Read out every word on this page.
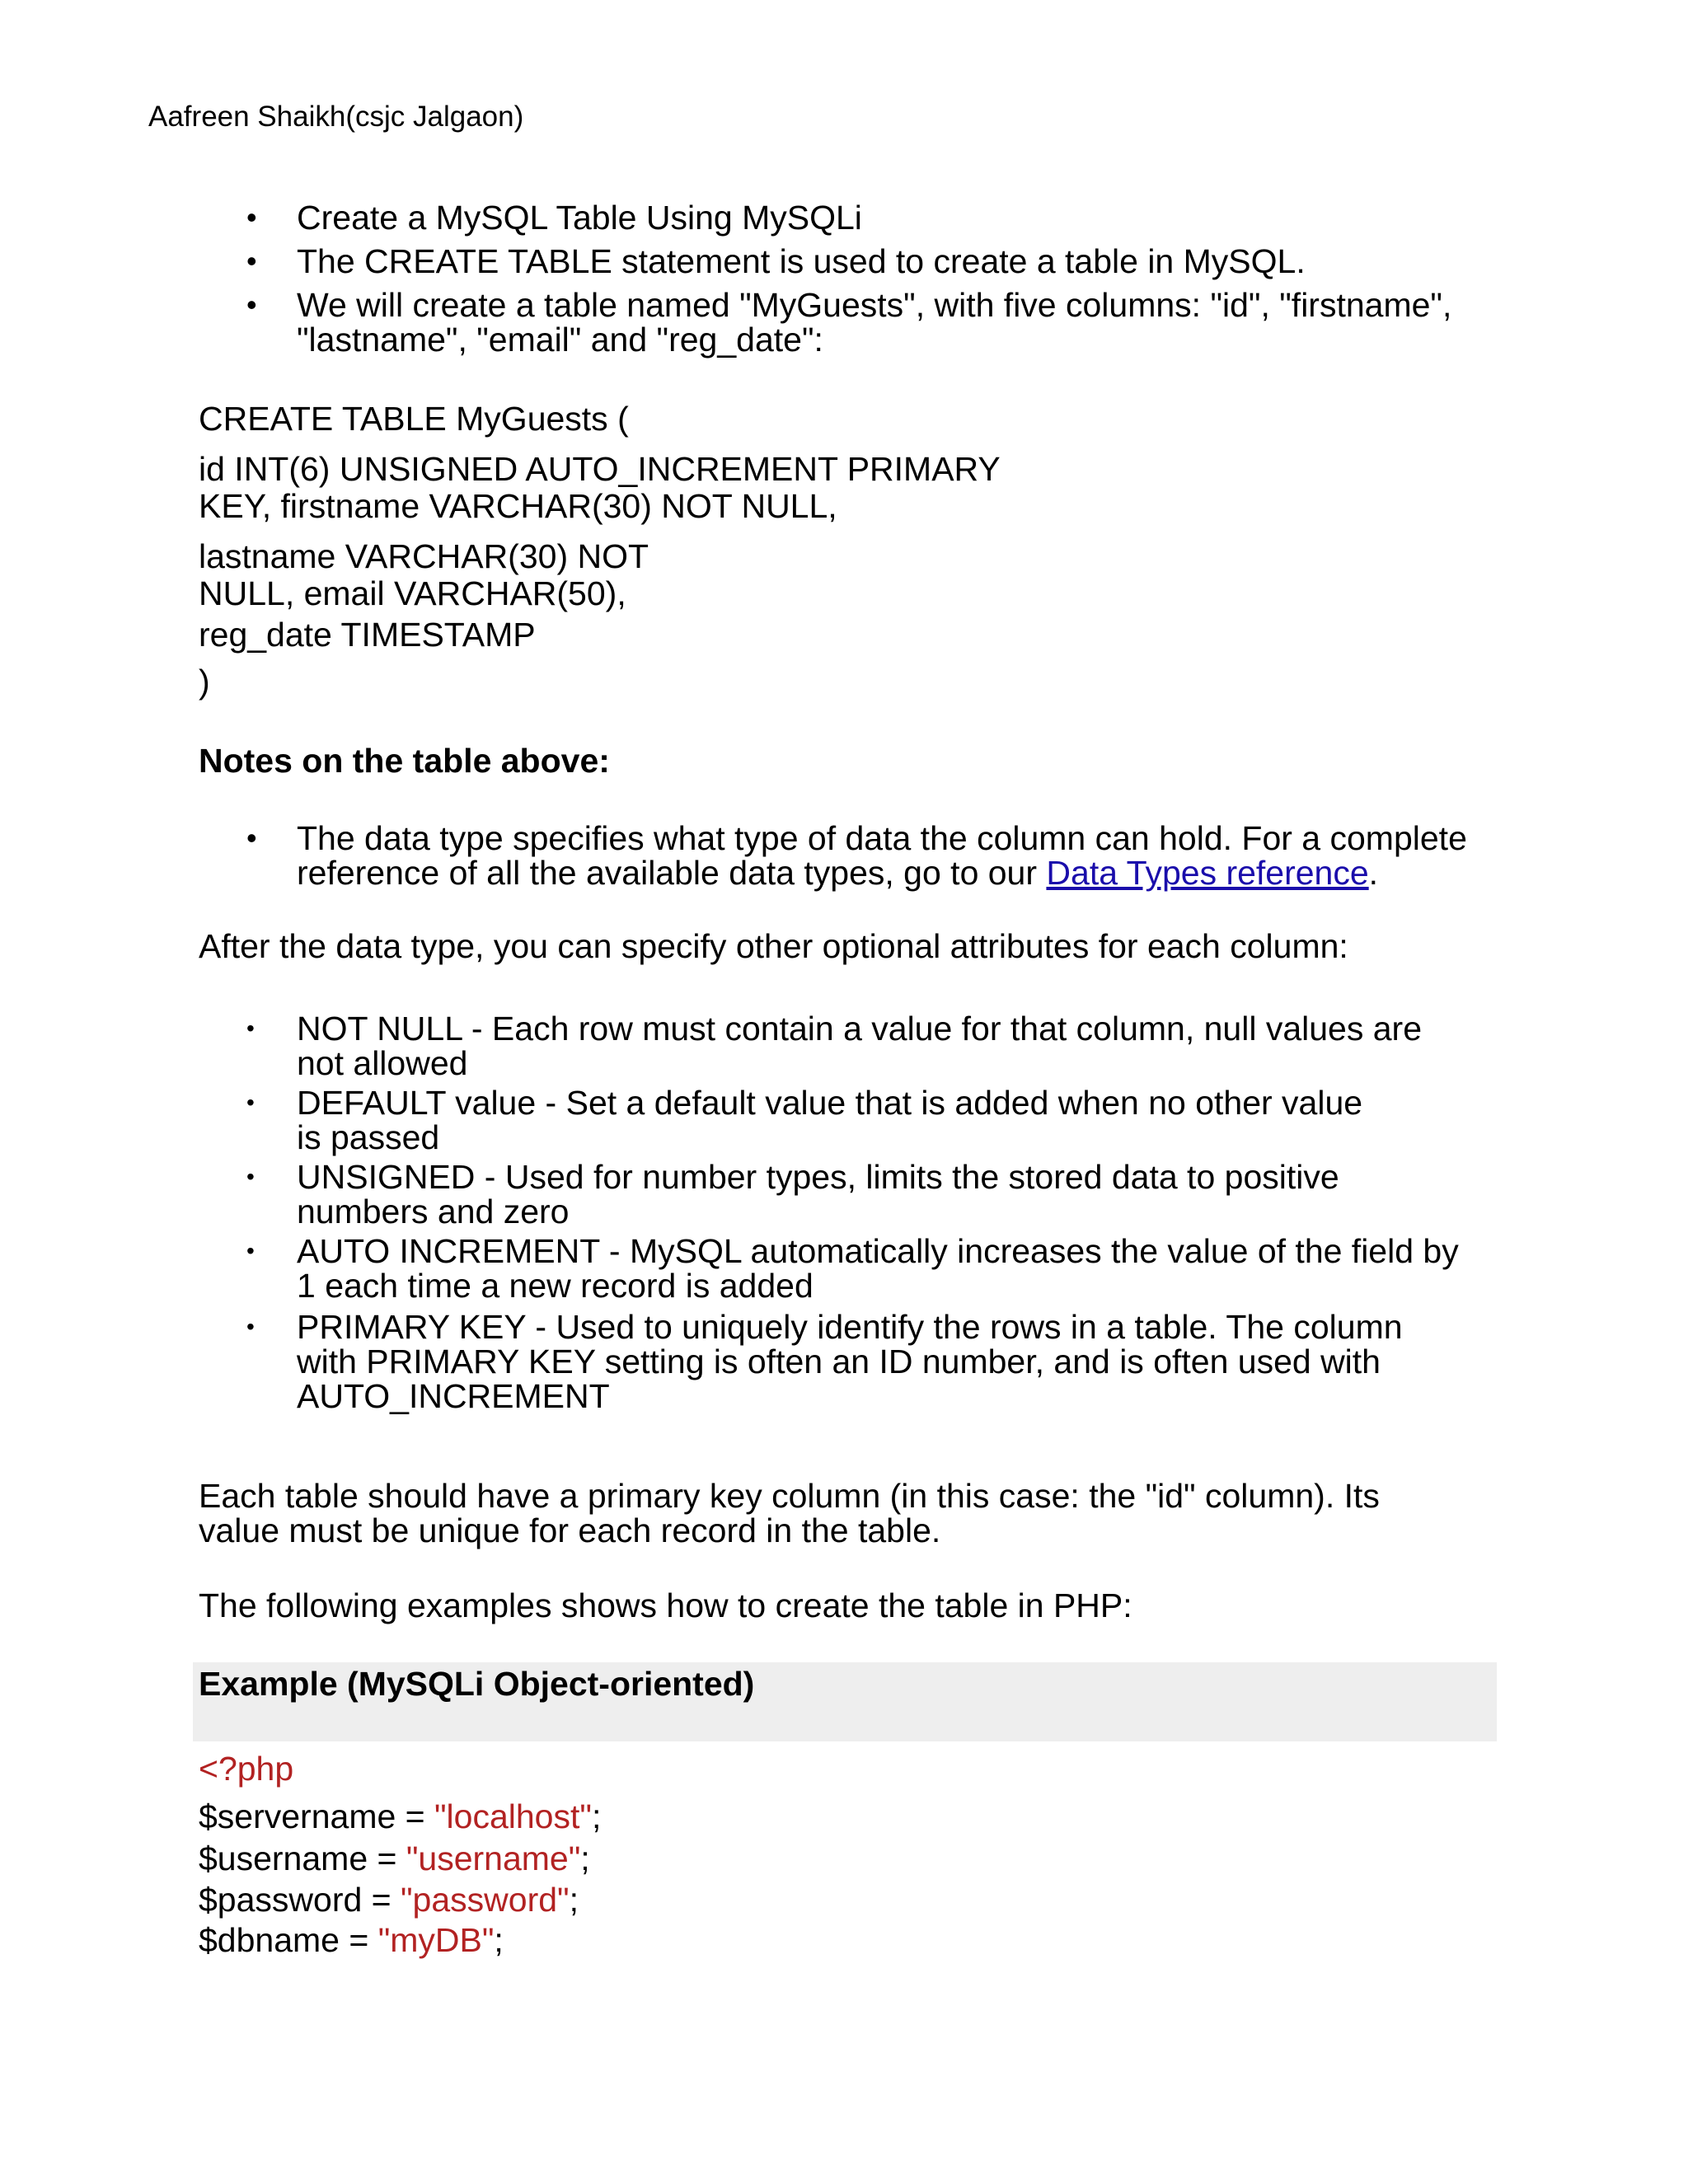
Aafreen Shaikh(csjc Jalgaon)
• Create a MySQL Table Using MySQLi
• The CREATE TABLE statement is used to create a table in MySQL.
• We will create a table named "MyGuests", with five columns: "id", "firstname",
"lastname", "email" and "reg_date":
CREATE TABLE MyGuests (
id INT(6) UNSIGNED AUTO_INCREMENT PRIMARY
KEY, firstname VARCHAR(30) NOT NULL,
lastname VARCHAR(30) NOT
NULL, email VARCHAR(50),
reg_date TIMESTAMP
)
Notes on the table above:
• The data type specifies what type of data the column can hold. For a complete
reference of all the available data types, go to our Data Types reference.
After the data type, you can specify other optional attributes for each column:
• NOT NULL - Each row must contain a value for that column, null values are
not allowed
• DEFAULT value - Set a default value that is added when no other value
is passed
• UNSIGNED - Used for number types, limits the stored data to positive
numbers and zero
• AUTO INCREMENT - MySQL automatically increases the value of the field by
1 each time a new record is added
• PRIMARY KEY - Used to uniquely identify the rows in a table. The column
with PRIMARY KEY setting is often an ID number, and is often used with
AUTO_INCREMENT
Each table should have a primary key column (in this case: the "id" column). Its
value must be unique for each record in the table.
The following examples shows how to create the table in PHP:
Example (MySQLi Object-oriented)
<?php
$servername = "localhost";
$username = "username";
$password = "password";
$dbname = "myDB";
